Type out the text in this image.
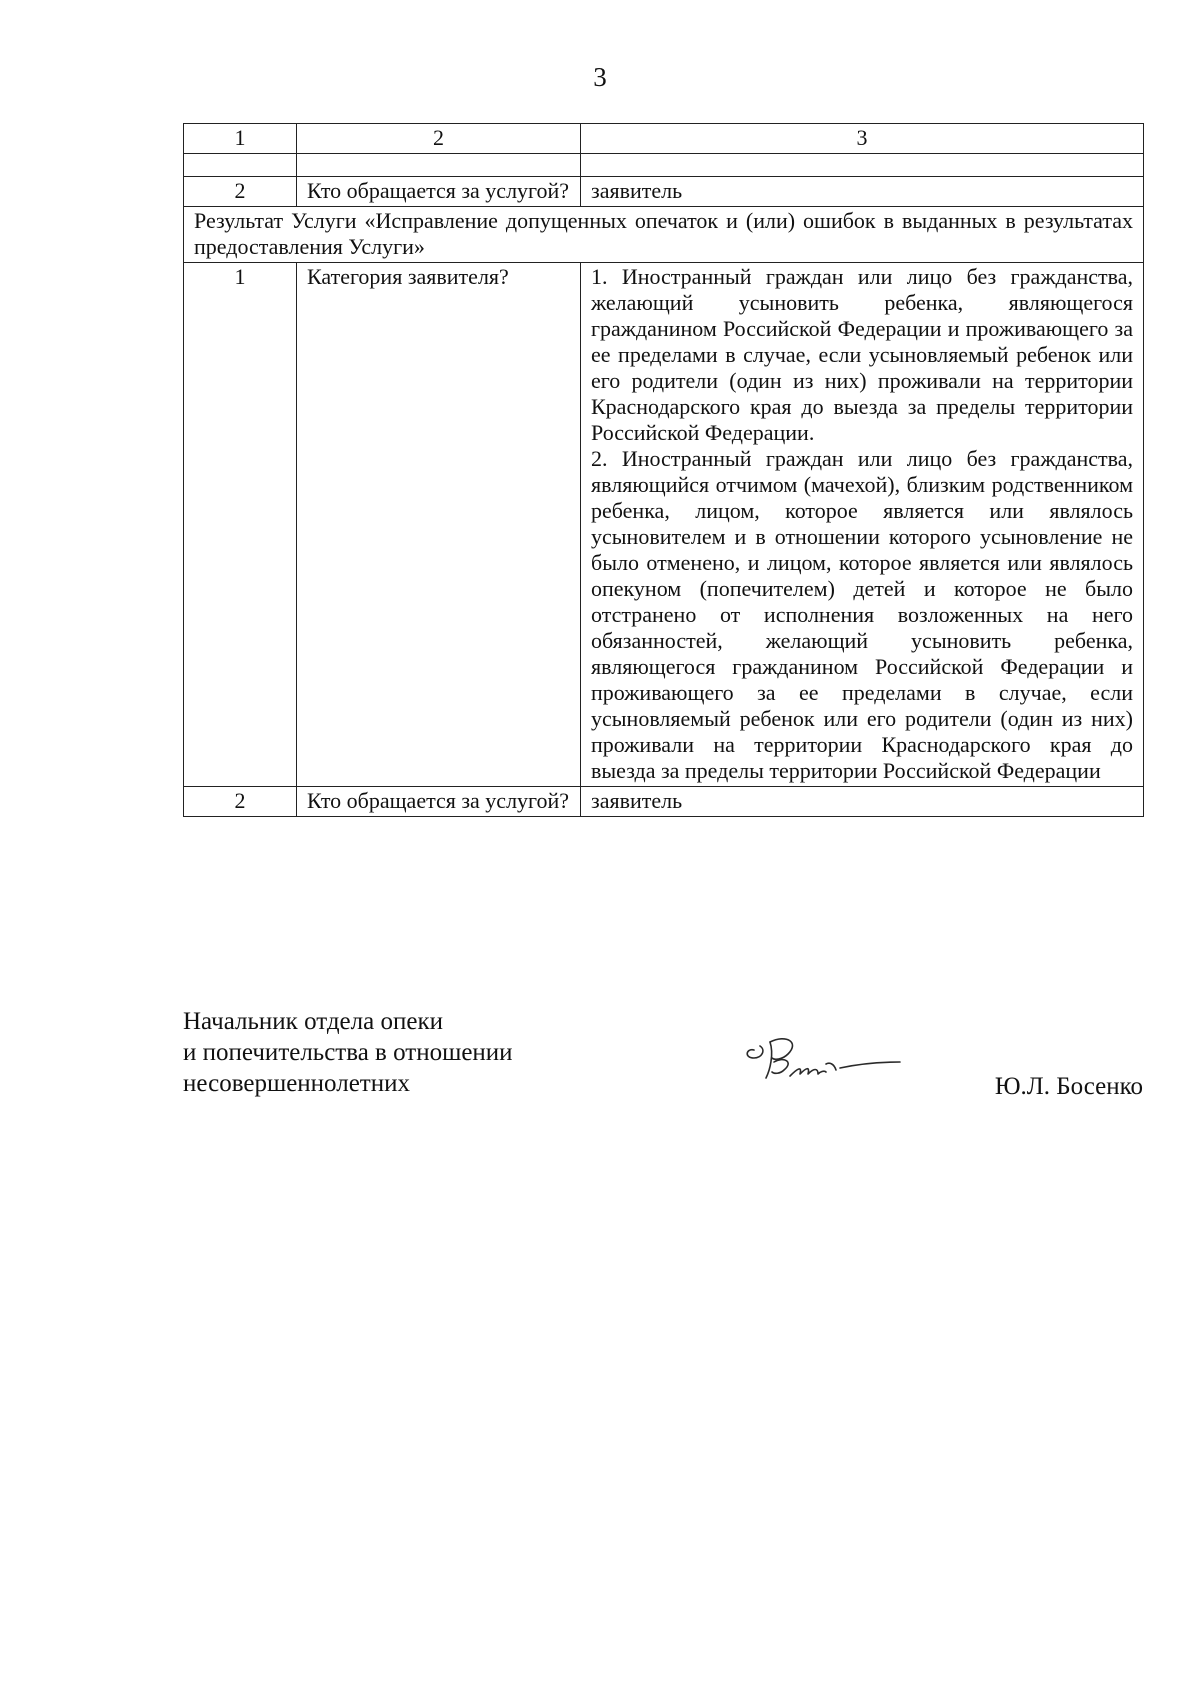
3
1	2	3

2	Кто обращается за услугой?	заявитель
Результат Услуги «Исправление допущенных опечаток и (или) ошибок в выданных в результатах предоставления Услуги»		
1	Категория заявителя?	1. Иностранный граждан или лицо без гражданства, желающий усыновить ребенка, являющегося гражданином Российской Федерации и проживающего за ее пределами в случае, если усыновляемый ребенок или его родители (один из них) проживали на территории Краснодарского края до выезда за пределы территории Российской Федерации.
2. Иностранный граждан или лицо без гражданства, являющийся отчимом (мачехой), близким родственником ребенка, лицом, которое является или являлось усыновителем и в отношении которого усыновление не было отменено, и лицом, которое является или являлось опекуном (попечителем) детей и которое не было отстранено от исполнения возложенных на него обязанностей, желающий усыновить ребенка, являющегося гражданином Российской Федерации и проживающего за ее пределами в случае, если усыновляемый ребенок или его родители (один из них) проживали на территории Краснодарского края до выезда за пределы территории Российской Федерации

2	Кто обращается за услугой?	заявитель
Начальник отдела опеки
и попечительства в отношении
несовершеннолетних	Ю.Л. Босенко
